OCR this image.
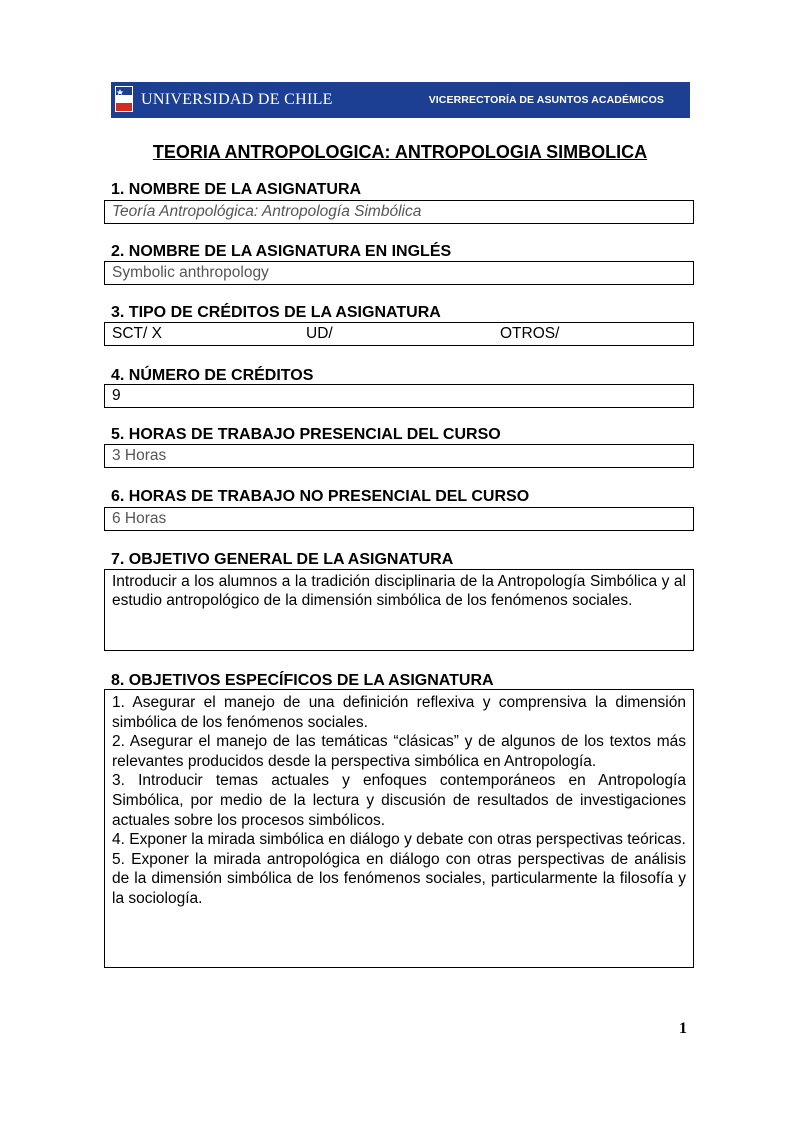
UNIVERSIDAD DE CHILE	VICERRECTORÍA DE ASUNTOS ACADÉMICOS
TEORIA ANTROPOLOGICA: ANTROPOLOGIA SIMBOLICA
1. NOMBRE DE LA ASIGNATURA
Teoría Antropológica: Antropología Simbólica
2. NOMBRE DE LA ASIGNATURA EN INGLÉS
Symbolic anthropology
3. TIPO DE CRÉDITOS DE LA ASIGNATURA
SCT/ X	UD/	OTROS/
4. NÚMERO DE CRÉDITOS
9
5. HORAS DE TRABAJO PRESENCIAL DEL CURSO
3 Horas
6. HORAS DE TRABAJO NO PRESENCIAL DEL CURSO
6 Horas
7. OBJETIVO GENERAL DE LA ASIGNATURA

Introducir a los alumnos a la tradición disciplinaria de la Antropología Simbólica y al estudio antropológico de la dimensión simbólica de los fenómenos sociales.

8. OBJETIVOS ESPECÍFICOS DE LA ASIGNATURA

1. Asegurar el manejo de una definición reflexiva y comprensiva la dimensión simbólica de los fenómenos sociales.

2. Asegurar el manejo de las temáticas “clásicas” y de algunos de los textos más relevantes producidos desde la perspectiva simbólica en Antropología.

3. Introducir temas actuales y enfoques contemporáneos en Antropología Simbólica, por medio de la lectura y discusión de resultados de investigaciones actuales sobre los procesos simbólicos.

4. Exponer la mirada simbólica en diálogo y debate con otras perspectivas teóricas.

5. Exponer la mirada antropológica en diálogo con otras perspectivas de análisis de la dimensión simbólica de los fenómenos sociales, particularmente la filosofía y la sociología.

1
